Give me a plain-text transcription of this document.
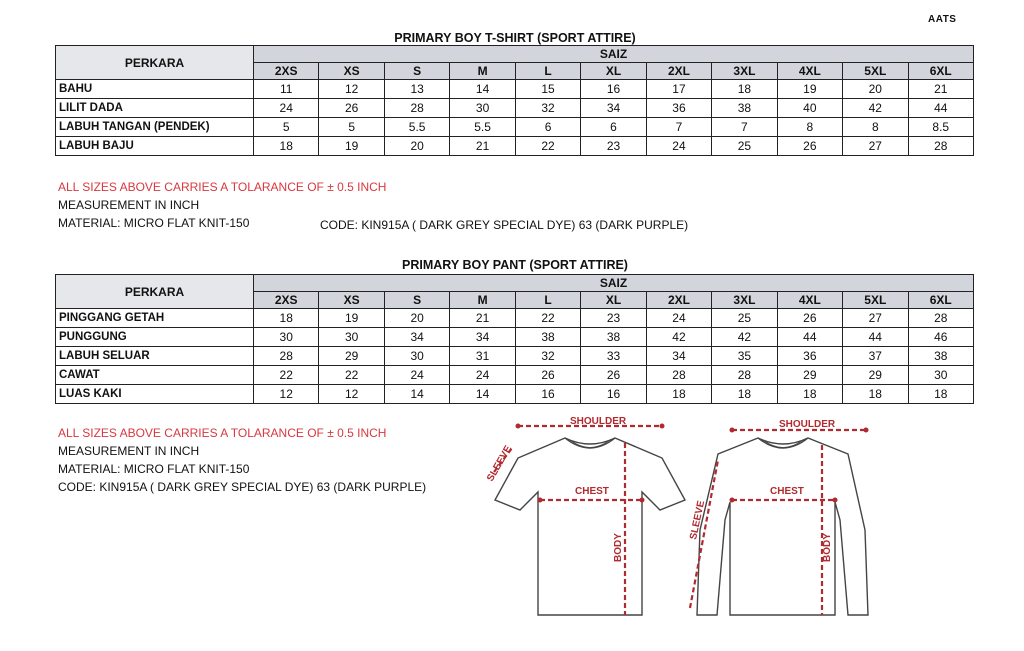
AATS
PRIMARY BOY T-SHIRT (SPORT ATTIRE)
PERKARA	SAIZ										
	2XS	XS	S	M	L	XL	2XL	3XL	4XL	5XL	6XL
BAHU	11	12	13	14	15	16	17	18	19	20	21
LILIT DADA	24	26	28	30	32	34	36	38	40	42	44
LABUH TANGAN (PENDEK)	5	5	5.5	5.5	6	6	7	7	8	8	8.5
LABUH BAJU	18	19	20	21	22	23	24	25	26	27	28
ALL SIZES ABOVE CARRIES A TOLARANCE OF ± 0.5 INCH
MEASUREMENT IN INCH
MATERIAL: MICRO FLAT KNIT-150	CODE: KIN915A ( DARK GREY SPECIAL DYE) 63 (DARK PURPLE)
PRIMARY BOY PANT (SPORT ATTIRE)
PERKARA	SAIZ										
	2XS	XS	S	M	L	XL	2XL	3XL	4XL	5XL	6XL
PINGGANG GETAH	18	19	20	21	22	23	24	25	26	27	28
PUNGGUNG	30	30	34	34	38	38	42	42	44	44	46
LABUH SELUAR	28	29	30	31	32	33	34	35	36	37	38
CAWAT	22	22	24	24	26	26	28	28	29	29	30
LUAS KAKI	12	12	14	14	16	16	18	18	18	18	18
ALL SIZES ABOVE CARRIES A TOLARANCE OF ± 0.5 INCH
MEASUREMENT IN INCH
MATERIAL: MICRO FLAT KNIT-150
CODE: KIN915A ( DARK GREY SPECIAL DYE) 63 (DARK PURPLE)
SHOULDER
CHEST
BODY
SLEEVE
SHOULDER
CHEST
BODY
SLEEVE
